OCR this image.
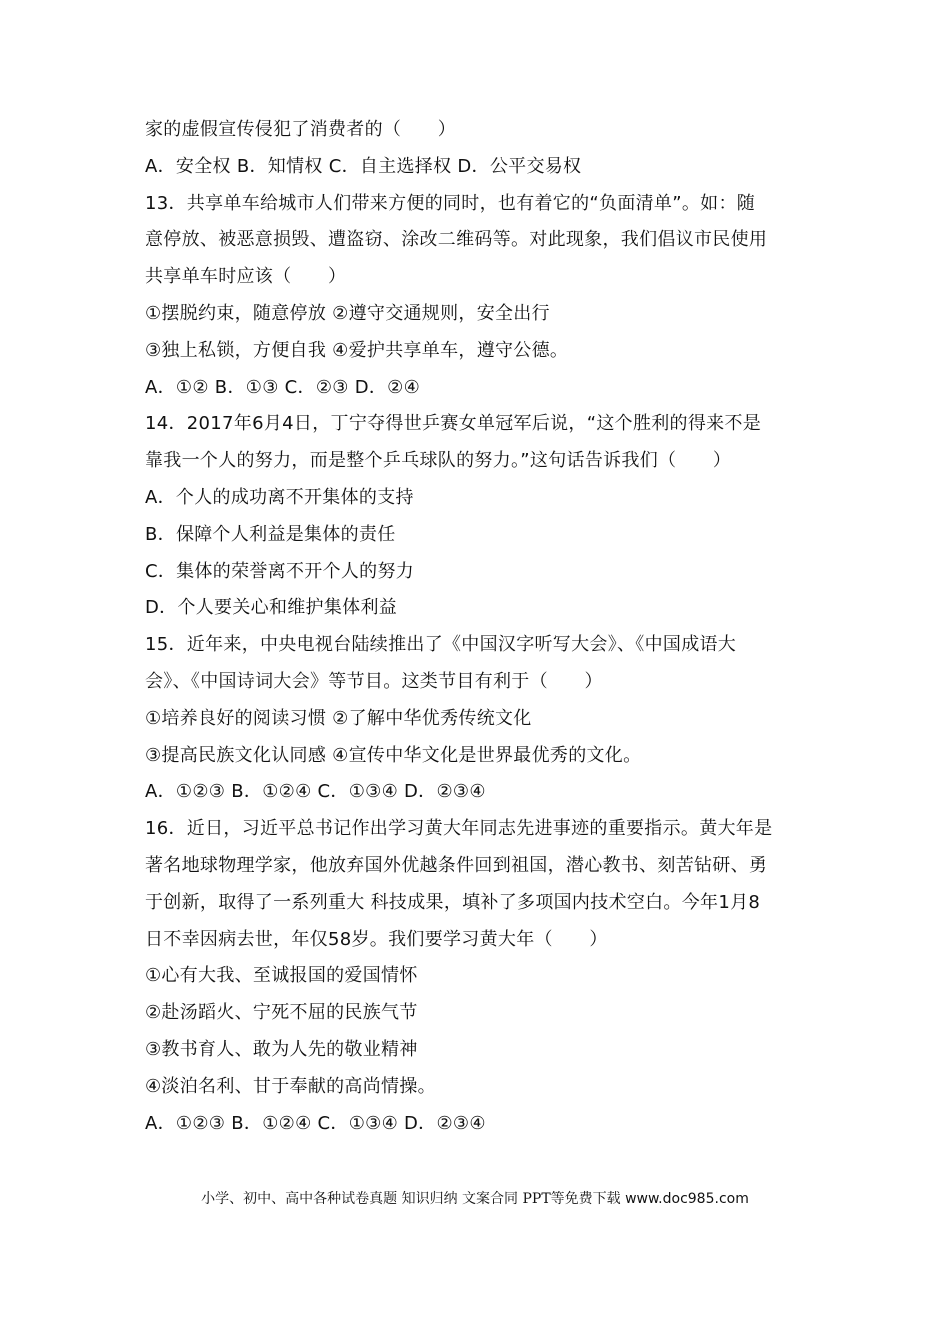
家的虚假宣传侵犯了消费者的（　　）
A．安全权 B．知情权 C．自主选择权 D．公平交易权
13．共享单车给城市人们带来方便的同时，也有着它的“负面清单”。如：随
意停放、被恶意损毁、遭盗窃、涂改二维码等。对此现象，我们倡议市民使用
共享单车时应该（　　）
①摆脱约束，随意停放 ②遵守交通规则，安全出行
③独上私锁，方便自我 ④爱护共享单车，遵守公德。
A．①② B．①③ C．②③ D．②④
14．2017年6月4日，丁宁夺得世乒赛女单冠军后说，“这个胜利的得来不是
靠我一个人的努力，而是整个乒乓球队的努力。”这句话告诉我们（　　）
A．个人的成功离不开集体的支持
B．保障个人利益是集体的责任
C．集体的荣誉离不开个人的努力
D．个人要关心和维护集体利益
15．近年来，中央电视台陆续推出了《中国汉字听写大会》、《中国成语大
会》、《中国诗词大会》等节目。这类节目有利于（　　）
①培养良好的阅读习惯 ②了解中华优秀传统文化
③提高民族文化认同感 ④宣传中华文化是世界最优秀的文化。
A．①②③ B．①②④ C．①③④ D．②③④
16．近日，习近平总书记作出学习黄大年同志先进事迹的重要指示。黄大年是
著名地球物理学家，他放弃国外优越条件回到祖国，潜心教书、刻苦钻研、勇
于创新，取得了一系列重大 科技成果，填补了多项国内技术空白。今年1月8
日不幸因病去世，年仅58岁。我们要学习黄大年（　　）
①心有大我、至诚报国的爱国情怀
②赴汤蹈火、宁死不屈的民族气节
③教书育人、敢为人先的敬业精神
④淡泊名利、甘于奉献的高尚情操。
A．①②③ B．①②④ C．①③④ D．②③④
小学、初中、高中各种试卷真题 知识归纳 文案合同 PPT等免费下载 www.doc985.com
